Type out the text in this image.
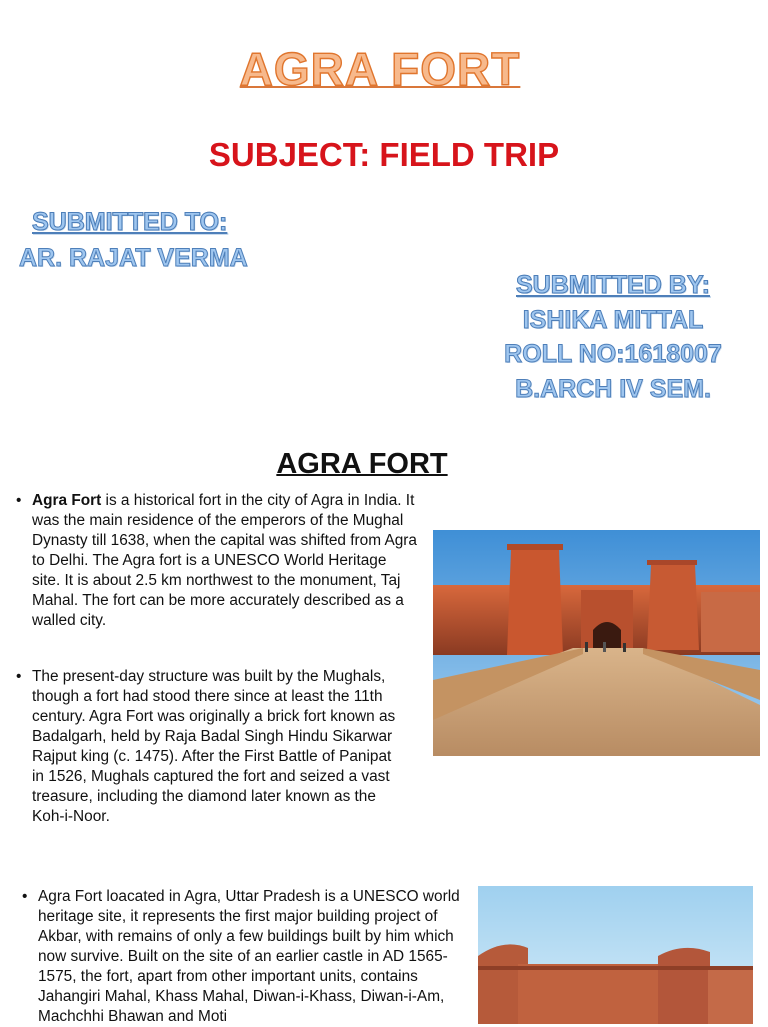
AGRA FORT
SUBJECT: FIELD TRIP
SUBMITTED TO:
AR. RAJAT VERMA
SUBMITTED BY:
ISHIKA MITTAL
ROLL NO:1618007
B.ARCH IV SEM.
AGRA FORT
• Agra Fort is a historical fort in the city of Agra in India. It was the main residence of the emperors of the Mughal Dynasty till 1638, when the capital was shifted from Agra to Delhi. The Agra fort is a UNESCO World Heritage site. It is about 2.5 km northwest to the monument, Taj Mahal. The fort can be more accurately described as a walled city.
• The present-day structure was built by the Mughals, though a fort had stood there since at least the 11th century. Agra Fort was originally a brick fort known as Badalgarh, held by Raja Badal Singh Hindu Sikarwar Rajput king (c. 1475). After the First Battle of Panipat in 1526, Mughals captured the fort and seized a vast treasure, including the diamond later known as the Koh-i-Noor.
• Agra Fort loacated in Agra, Uttar Pradesh is a UNESCO world heritage site, it represents the first major building project of Akbar, with remains of only a few buildings built by him which now survive. Built on the site of an earlier castle in AD 1565-1575, the fort, apart from other important units, contains Jahangiri Mahal, Khass Mahal, Diwan-i-Khass, Diwan-i-Am, Machchhi Bhawan and Moti
